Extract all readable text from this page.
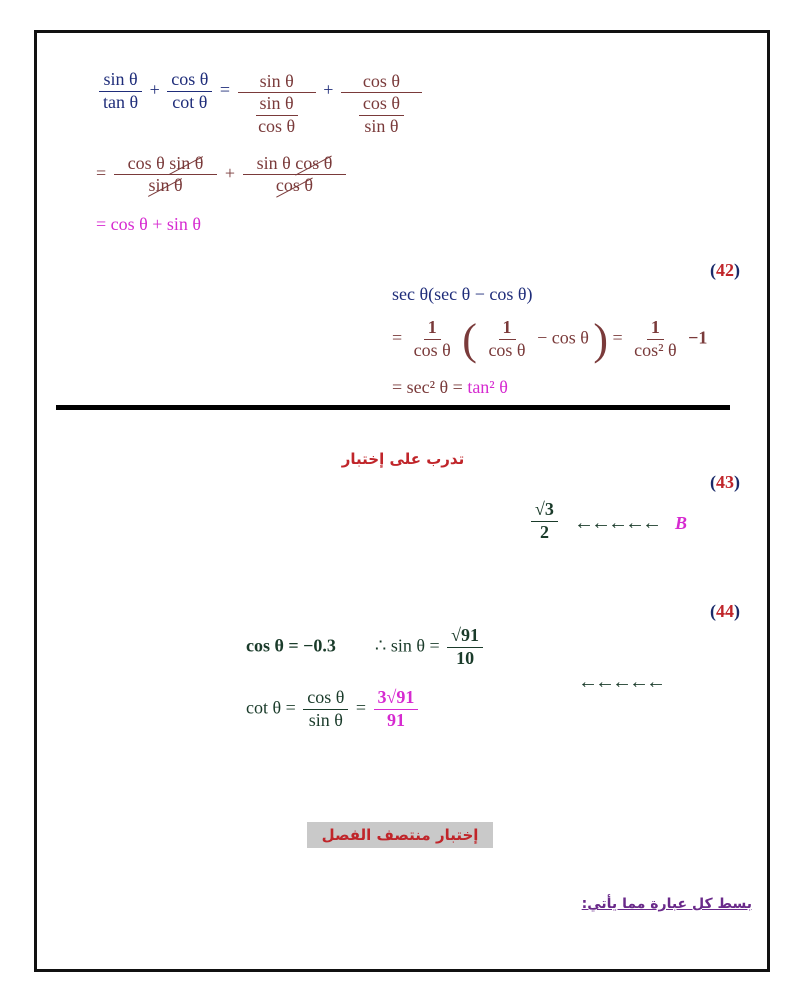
$\frac{\text{sin θ}}{\text{tan θ}} + \frac{\text{cos θ}}{\text{cot θ}} = \frac{\text{sin θ}}{\frac{\text{sin θ}}{\text{cos θ}}} + \frac{\text{cos θ}}{\frac{\text{cos θ}}{\text{sin θ}}}$
= $\frac{\text{cos θ sin θ}}{\text{sin θ}} + \frac{\text{sin θ cos θ}}{\text{cos θ}}$
= cos θ + sin θ
(42)
sec θ(sec θ − cos θ)
= $\frac{1}{\text{cos θ}}$ ( $\frac{1}{\text{cos θ}} - \cos \theta$ ) = $\frac{1}{\text{cos² θ}} -1$
= sec² θ = tan² θ
تدرب على إختبار
(43)
$\frac{√3}{2}$ ←←←←← B
(44)
cos θ = −0.3 ∴ $\sin \theta = \frac{√91}{10}$
←←←←←
$\cot \theta = \frac{\text{cos θ}}{\text{sin θ}} = \frac{3√91}{91}$
إختبار منتصف الفصل
بسط كل عبارة مما يأتي:
